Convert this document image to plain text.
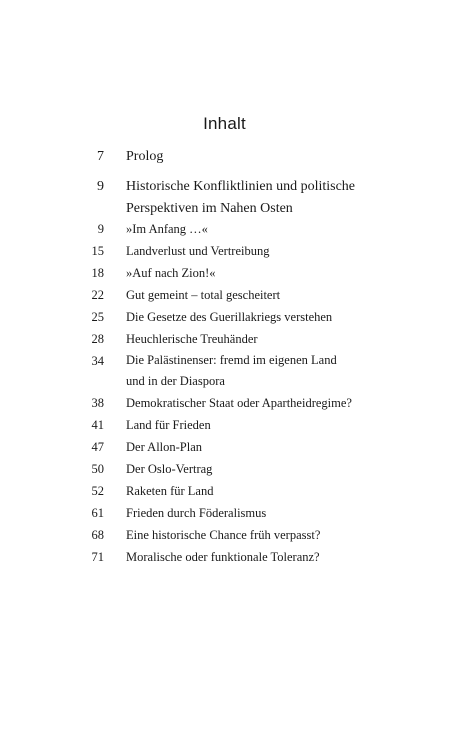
Inhalt
7 Prolog
9 Historische Konfliktlinien und politische
Perspektiven im Nahen Osten
9 »Im Anfang …«
15 Landverlust und Vertreibung
18 »Auf nach Zion!«
22 Gut gemeint – total gescheitert
25 Die Gesetze des Guerillakriegs verstehen
28 Heuchlerische Treuhänder
34 Die Palästinenser: fremd im eigenen Land
und in der Diaspora
38 Demokratischer Staat oder Apartheidregime?
41 Land für Frieden
47 Der Allon-Plan
50 Der Oslo-Vertrag
52 Raketen für Land
61 Frieden durch Föderalismus
68 Eine historische Chance früh verpasst?
71 Moralische oder funktionale Toleranz?
